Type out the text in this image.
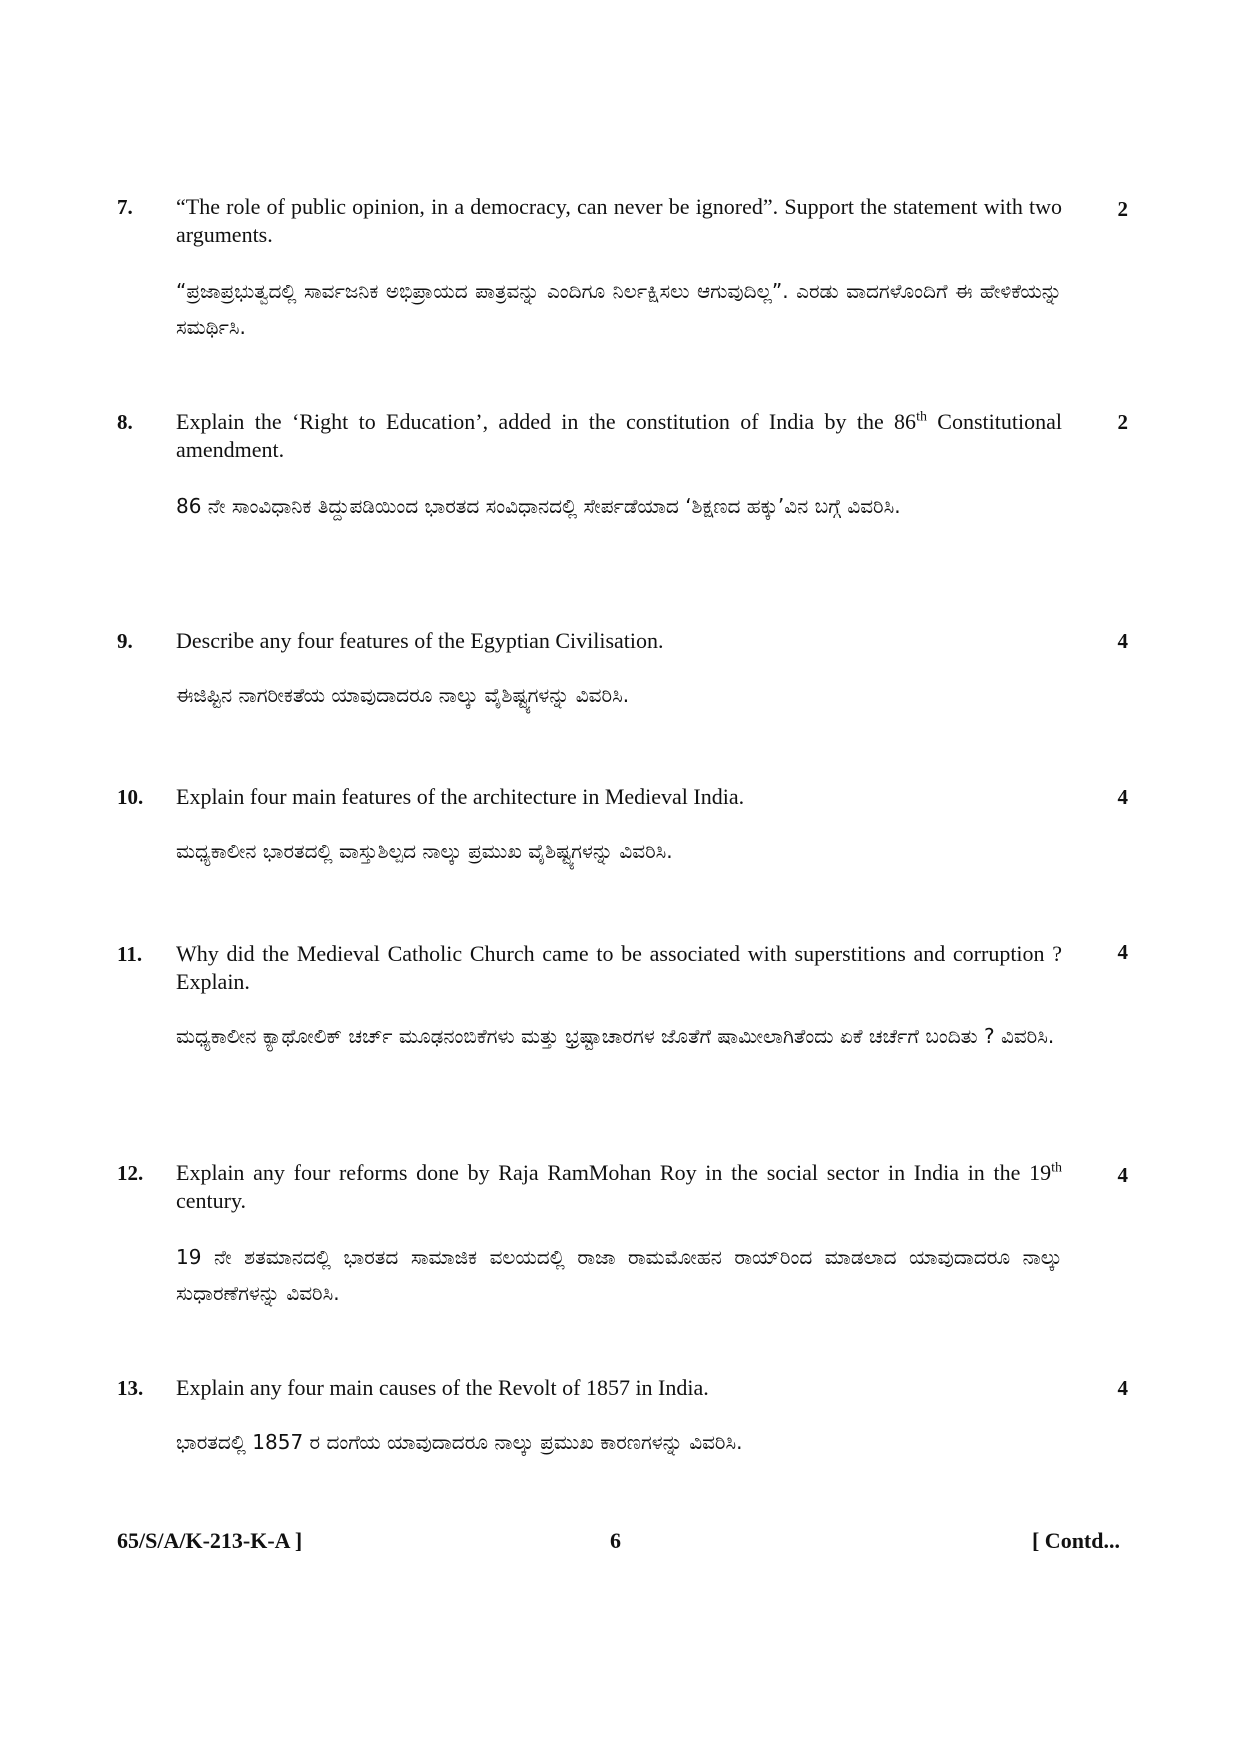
7.	2
“The role of public opinion, in a democracy, can never be ignored”. Support the statement with two arguments.
“ಪ್ರಜಾಪ್ರಭುತ್ವದಲ್ಲಿ ಸಾರ್ವಜನಿಕ ಅಭಿಪ್ರಾಯದ ಪಾತ್ರವನ್ನು ಎಂದಿಗೂ ನಿರ್ಲಕ್ಷಿಸಲು ಆಗುವುದಿಲ್ಲ”. ಎರಡು ವಾದಗಳೊಂದಿಗೆ ಈ ಹೇಳಿಕೆಯನ್ನು ಸಮರ್ಥಿಸಿ.
8.	2
Explain the ‘Right to Education’, added in the constitution of India by the 86th Constitutional amendment.
86 ನೇ ಸಾಂವಿಧಾನಿಕ ತಿದ್ದುಪಡಿಯಿಂದ ಭಾರತದ ಸಂವಿಧಾನದಲ್ಲಿ ಸೇರ್ಪಡೆಯಾದ ‘ಶಿಕ್ಷಣದ ಹಕ್ಕು’ವಿನ ಬಗ್ಗೆ ವಿವರಿಸಿ.
9.	4
Describe any four features of the Egyptian Civilisation.
ಈಜಿಪ್ಟಿನ ನಾಗರೀಕತೆಯ ಯಾವುದಾದರೂ ನಾಲ್ಕು ವೈಶಿಷ್ಟ್ಯಗಳನ್ನು ವಿವರಿಸಿ.
10.	4
Explain four main features of the architecture in Medieval India.
ಮಧ್ಯಕಾಲೀನ ಭಾರತದಲ್ಲಿ ವಾಸ್ತುಶಿಲ್ಪದ ನಾಲ್ಕು ಪ್ರಮುಖ ವೈಶಿಷ್ಟ್ಯಗಳನ್ನು ವಿವರಿಸಿ.
11.	4
Why did the Medieval Catholic Church came to be associated with superstitions and corruption ? Explain.
ಮಧ್ಯಕಾಲೀನ ಕ್ಯಾಥೋಲಿಕ್ ಚರ್ಚ್ ಮೂಢನಂಬಿಕೆಗಳು ಮತ್ತು ಭ್ರಷ್ಟಾಚಾರಗಳ ಜೊತೆಗೆ ಷಾಮೀಲಾಗಿತೆಂದು ಏಕೆ ಚರ್ಚೆಗೆ ಬಂದಿತು ? ವಿವರಿಸಿ.
12.	4
Explain any four reforms done by Raja RamMohan Roy in the social sector in India in the 19th century.
19 ನೇ ಶತಮಾನದಲ್ಲಿ ಭಾರತದ ಸಾಮಾಜಿಕ ವಲಯದಲ್ಲಿ ರಾಜಾ ರಾಮಮೋಹನ ರಾಯ್‌ರಿಂದ ಮಾಡಲಾದ ಯಾವುದಾದರೂ ನಾಲ್ಕು ಸುಧಾರಣೆಗಳನ್ನು ವಿವರಿಸಿ.
13.	4
Explain any four main causes of the Revolt of 1857 in India.
ಭಾರತದಲ್ಲಿ 1857 ರ ದಂಗೆಯ ಯಾವುದಾದರೂ ನಾಲ್ಕು ಪ್ರಮುಖ ಕಾರಣಗಳನ್ನು ವಿವರಿಸಿ.
65/S/A/K-213-K-A ]	6	[ Contd...
